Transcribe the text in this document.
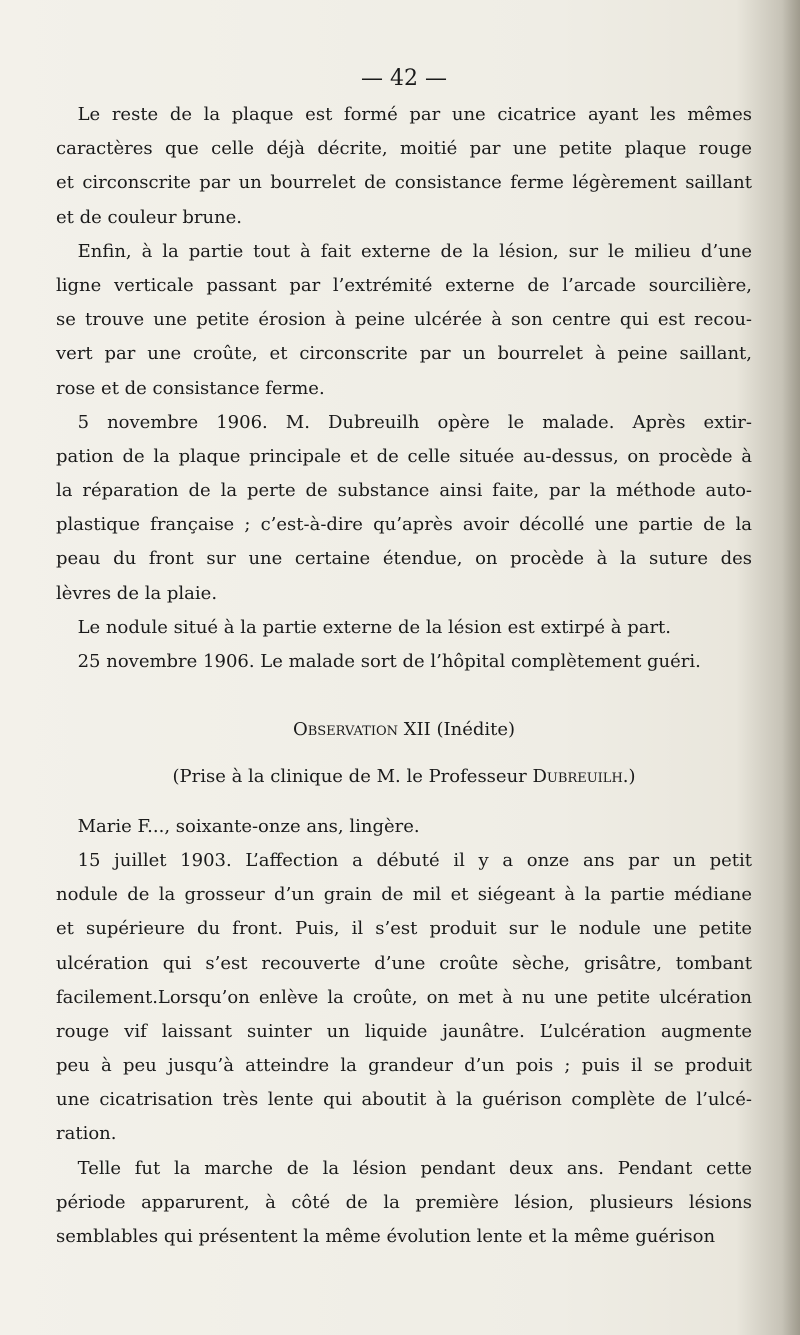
— 42 —
Le reste de la plaque est formé par une cicatrice ayant les mêmes
caractères que celle déjà décrite, moitié par une petite plaque rouge
et circonscrite par un bourrelet de consistance ferme légèrement saillant
et de couleur brune.
Enfin, à la partie tout à fait externe de la lésion, sur le milieu d’une
ligne verticale passant par l’extrémité externe de l’arcade sourcilière,
se trouve une petite érosion à peine ulcérée à son centre qui est recou-
vert par une croûte, et circonscrite par un bourrelet à peine saillant,
rose et de consistance ferme.
5 novembre 1906. M. Dubreuilh opère le malade. Après extir-
pation de la plaque principale et de celle située au-dessus, on procède à
la réparation de la perte de substance ainsi faite, par la méthode auto-
plastique française ; c’est-à-dire qu’après avoir décollé une partie de la
peau du front sur une certaine étendue, on procède à la suture des
lèvres de la plaie.
Le nodule situé à la partie externe de la lésion est extirpé à part.
25 novembre 1906. Le malade sort de l’hôpital complètement guéri.
Observation XII (Inédite)
(Prise à la clinique de M. le Professeur Dubreuilh.)
Marie F..., soixante-onze ans, lingère.
15 juillet 1903. L’affection a débuté il y a onze ans par un petit
nodule de la grosseur d’un grain de mil et siégeant à la partie médiane
et supérieure du front. Puis, il s’est produit sur le nodule une petite
ulcération qui s’est recouverte d’une croûte sèche, grisâtre, tombant
facilement.Lorsqu’on enlève la croûte, on met à nu une petite ulcération
rouge vif laissant suinter un liquide jaunâtre. L’ulcération augmente
peu à peu jusqu’à atteindre la grandeur d’un pois ; puis il se produit
une cicatrisation très lente qui aboutit à la guérison complète de l’ulcé-
ration.
Telle fut la marche de la lésion pendant deux ans. Pendant cette
période apparurent, à côté de la première lésion, plusieurs lésions
semblables qui présentent la même évolution lente et la même guérison
